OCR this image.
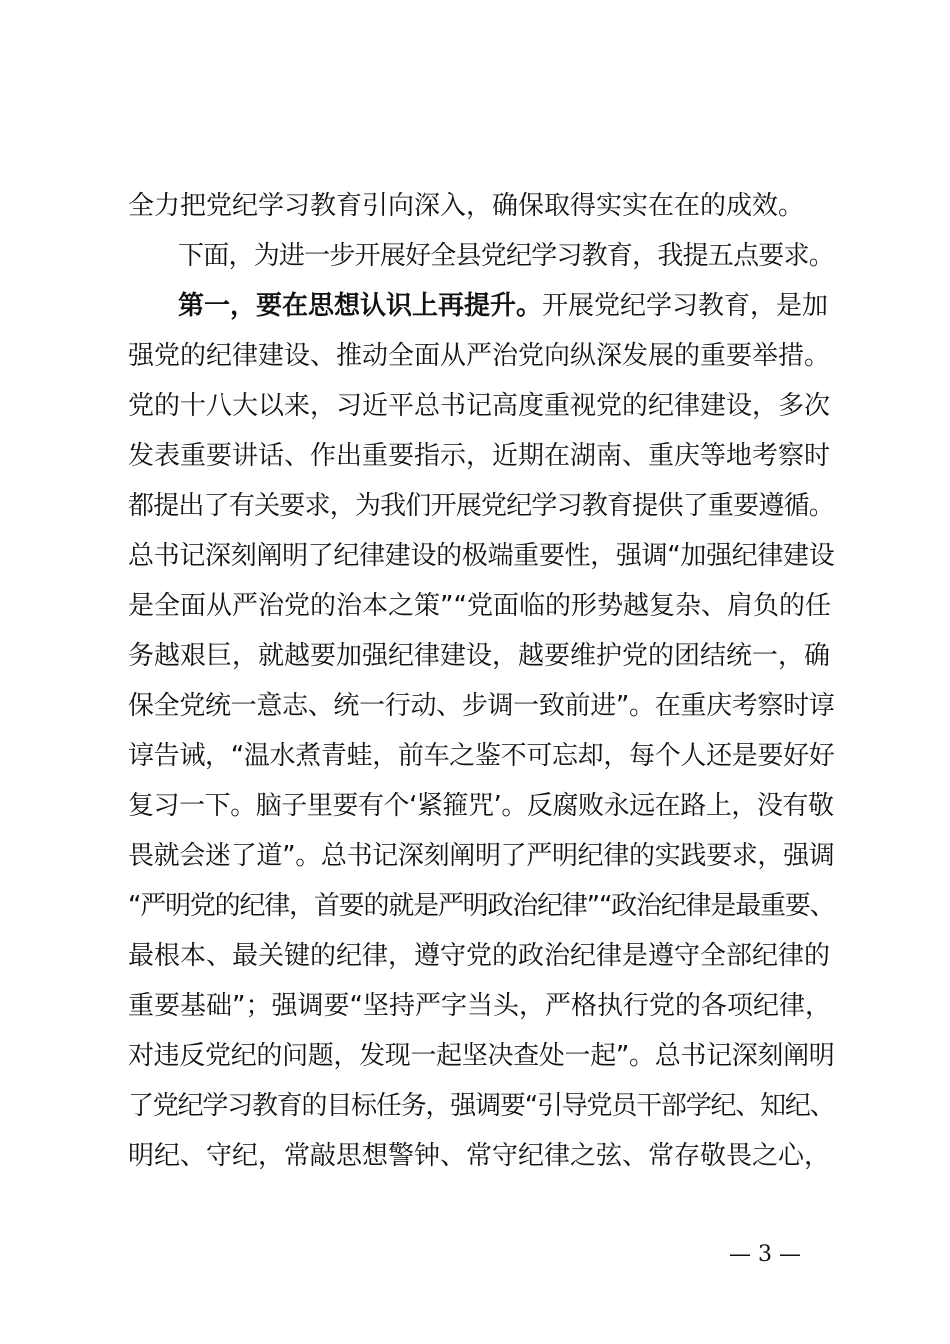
全力把党纪学习教育引向深入，确保取得实实在在的成效。
下面，为进一步开展好全县党纪学习教育，我提五点要求。
第一，要在思想认识上再提升。开展党纪学习教育，是加
强党的纪律建设、推动全面从严治党向纵深发展的重要举措。
党的十八大以来，习近平总书记高度重视党的纪律建设，多次
发表重要讲话、作出重要指示，近期在湖南、重庆等地考察时
都提出了有关要求，为我们开展党纪学习教育提供了重要遵循。
总书记深刻阐明了纪律建设的极端重要性，强调“加强纪律建设
是全面从严治党的治本之策”“党面临的形势越复杂、肩负的任
务越艰巨，就越要加强纪律建设，越要维护党的团结统一，确
保全党统一意志、统一行动、步调一致前进”。在重庆考察时谆
谆告诫，“温水煮青蛙，前车之鉴不可忘却，每个人还是要好好
复习一下。脑子里要有个‘紧箍咒’。反腐败永远在路上，没有敬
畏就会迷了道”。总书记深刻阐明了严明纪律的实践要求，强调
“严明党的纪律，首要的就是严明政治纪律”“政治纪律是最重要、
最根本、最关键的纪律，遵守党的政治纪律是遵守全部纪律的
重要基础”；强调要“坚持严字当头，严格执行党的各项纪律，
对违反党纪的问题，发现一起坚决查处一起”。总书记深刻阐明
了党纪学习教育的目标任务，强调要“引导党员干部学纪、知纪、
明纪、守纪，常敲思想警钟、常守纪律之弦、常存敬畏之心，
— 3 —
